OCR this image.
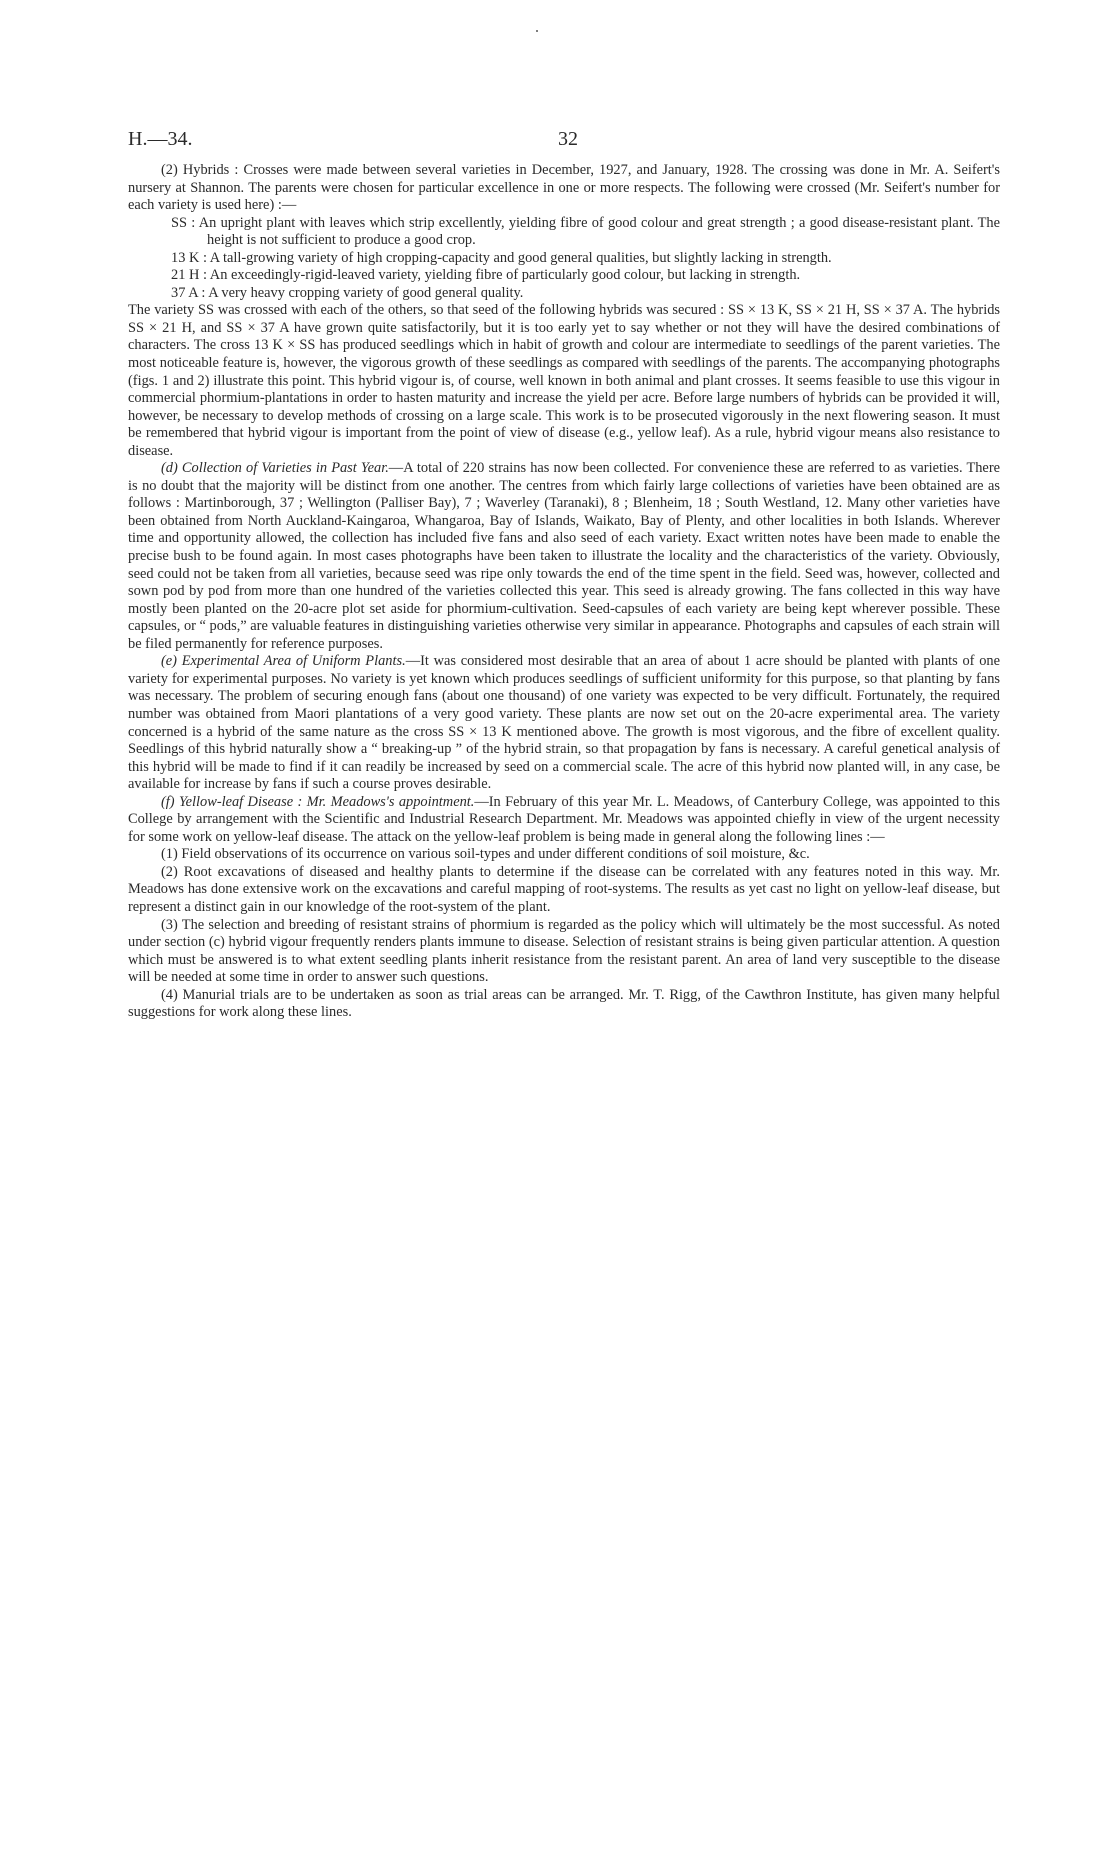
H.—34.	32

(2) Hybrids : Crosses were made between several varieties in December, 1927, and January, 1928. The crossing was done in Mr. A. Seifert's nursery at Shannon. The parents were chosen for particular excellence in one or more respects. The following were crossed (Mr. Seifert's number for each variety is used here) :—

SS : An upright plant with leaves which strip excellently, yielding fibre of good colour and great strength ; a good disease-resistant plant. The height is not sufficient to produce a good crop.

13 K : A tall-growing variety of high cropping-capacity and good general qualities, but slightly lacking in strength.

21 H : An exceedingly-rigid-leaved variety, yielding fibre of particularly good colour, but lacking in strength.

37 A : A very heavy cropping variety of good general quality.

The variety SS was crossed with each of the others, so that seed of the following hybrids was secured : SS × 13 K, SS × 21 H, SS × 37 A. The hybrids SS × 21 H, and SS × 37 A have grown quite satisfactorily, but it is too early yet to say whether or not they will have the desired combinations of characters. The cross 13 K × SS has produced seedlings which in habit of growth and colour are intermediate to seedlings of the parent varieties. The most noticeable feature is, however, the vigorous growth of these seedlings as compared with seedlings of the parents. The accompanying photographs (figs. 1 and 2) illustrate this point. This hybrid vigour is, of course, well known in both animal and plant crosses. It seems feasible to use this vigour in commercial phormium-plantations in order to hasten maturity and increase the yield per acre. Before large numbers of hybrids can be provided it will, however, be necessary to develop methods of crossing on a large scale. This work is to be prosecuted vigorously in the next flowering season. It must be remembered that hybrid vigour is important from the point of view of disease (e.g., yellow leaf). As a rule, hybrid vigour means also resistance to disease.

(d) Collection of Varieties in Past Year.—A total of 220 strains has now been collected. For convenience these are referred to as varieties. There is no doubt that the majority will be distinct from one another. The centres from which fairly large collections of varieties have been obtained are as follows : Martinborough, 37 ; Wellington (Palliser Bay), 7 ; Waverley (Taranaki), 8 ; Blenheim, 18 ; South Westland, 12. Many other varieties have been obtained from North Auckland-Kaingaroa, Whangaroa, Bay of Islands, Waikato, Bay of Plenty, and other localities in both Islands. Wherever time and opportunity allowed, the collection has included five fans and also seed of each variety. Exact written notes have been made to enable the precise bush to be found again. In most cases photographs have been taken to illustrate the locality and the characteristics of the variety. Obviously, seed could not be taken from all varieties, because seed was ripe only towards the end of the time spent in the field. Seed was, however, collected and sown pod by pod from more than one hundred of the varieties collected this year. This seed is already growing. The fans collected in this way have mostly been planted on the 20-acre plot set aside for phormium-cultivation. Seed-capsules of each variety are being kept wherever possible. These capsules, or “ pods,” are valuable features in distinguishing varieties otherwise very similar in appearance. Photographs and capsules of each strain will be filed permanently for reference purposes.

(e) Experimental Area of Uniform Plants.—It was considered most desirable that an area of about 1 acre should be planted with plants of one variety for experimental purposes. No variety is yet known which produces seedlings of sufficient uniformity for this purpose, so that planting by fans was necessary. The problem of securing enough fans (about one thousand) of one variety was expected to be very difficult. Fortunately, the required number was obtained from Maori plantations of a very good variety. These plants are now set out on the 20-acre experimental area. The variety concerned is a hybrid of the same nature as the cross SS × 13 K mentioned above. The growth is most vigorous, and the fibre of excellent quality. Seedlings of this hybrid naturally show a “ breaking-up ” of the hybrid strain, so that propagation by fans is necessary. A careful genetical analysis of this hybrid will be made to find if it can readily be increased by seed on a commercial scale. The acre of this hybrid now planted will, in any case, be available for increase by fans if such a course proves desirable.

(f) Yellow-leaf Disease : Mr. Meadows's appointment.—In February of this year Mr. L. Meadows, of Canterbury College, was appointed to this College by arrangement with the Scientific and Industrial Research Department. Mr. Meadows was appointed chiefly in view of the urgent necessity for some work on yellow-leaf disease. The attack on the yellow-leaf problem is being made in general along the following lines :—

(1) Field observations of its occurrence on various soil-types and under different conditions of soil moisture, &c.

(2) Root excavations of diseased and healthy plants to determine if the disease can be correlated with any features noted in this way. Mr. Meadows has done extensive work on the excavations and careful mapping of root-systems. The results as yet cast no light on yellow-leaf disease, but represent a distinct gain in our knowledge of the root-system of the plant.

(3) The selection and breeding of resistant strains of phormium is regarded as the policy which will ultimately be the most successful. As noted under section (c) hybrid vigour frequently renders plants immune to disease. Selection of resistant strains is being given particular attention. A question which must be answered is to what extent seedling plants inherit resistance from the resistant parent. An area of land very susceptible to the disease will be needed at some time in order to answer such questions.

(4) Manurial trials are to be undertaken as soon as trial areas can be arranged. Mr. T. Rigg, of the Cawthron Institute, has given many helpful suggestions for work along these lines.
